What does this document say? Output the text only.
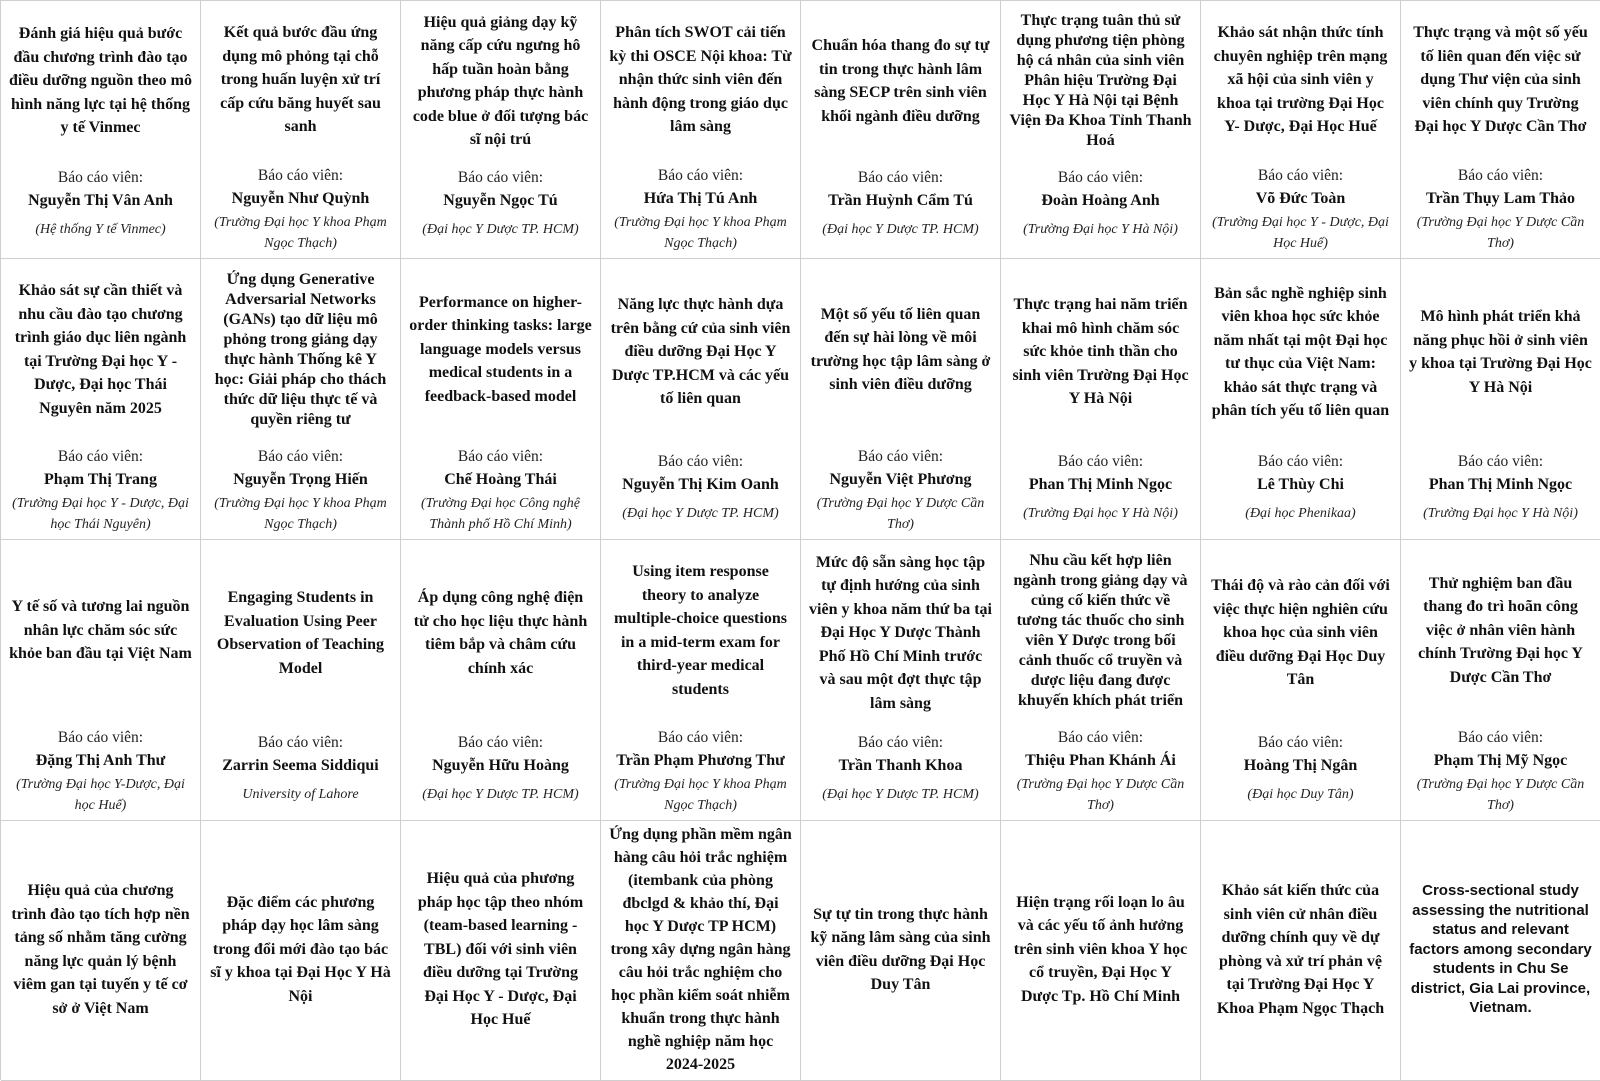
Đánh giá hiệu quả bước đầu chương trình đào tạo điều dưỡng nguồn theo mô hình năng lực tại hệ thống y tế Vinmec
Báo cáo viên:
Nguyễn Thị Vân Anh
(Hệ thống Y tế Vinmec)
Kết quả bước đầu ứng dụng mô phỏng tại chỗ trong huấn luyện xử trí cấp cứu băng huyết sau sanh
Báo cáo viên:
Nguyễn Như Quỳnh
(Trường Đại học Y khoa Phạm Ngọc Thạch)
Hiệu quả giảng dạy kỹ năng cấp cứu ngưng hô hấp tuần hoàn bằng phương pháp thực hành code blue ở đối tượng bác sĩ nội trú
Báo cáo viên:
Nguyễn Ngọc Tú
(Đại học Y Dược TP. HCM)
Phân tích SWOT cải tiến kỳ thi OSCE Nội khoa: Từ nhận thức sinh viên đến hành động trong giáo dục lâm sàng
Báo cáo viên:
Hứa Thị Tú Anh
(Trường Đại học Y khoa Phạm Ngọc Thạch)
Chuẩn hóa thang đo sự tự tin trong thực hành lâm sàng SECP trên sinh viên khối ngành điều dưỡng
Báo cáo viên:
Trần Huỳnh Cẩm Tú
(Đại học Y Dược TP. HCM)
Thực trạng tuân thủ sử dụng phương tiện phòng hộ cá nhân của sinh viên Phân hiệu Trường Đại Học Y Hà Nội tại Bệnh Viện Đa Khoa Tỉnh Thanh Hoá
Báo cáo viên:
Đoàn Hoàng Anh
(Trường Đại học Y Hà Nội)
Khảo sát nhận thức tính chuyên nghiệp trên mạng xã hội của sinh viên y khoa tại trường Đại Học Y- Dược, Đại Học Huế
Báo cáo viên:
Võ Đức Toàn
(Trường Đại học Y - Dược, Đại Học Huế)
Thực trạng và một số yếu tố liên quan đến việc sử dụng Thư viện của sinh viên chính quy Trường Đại học Y Dược Cần Thơ
Báo cáo viên:
Trần Thụy Lam Thảo
(Trường Đại học Y Dược Cần Thơ)
Khảo sát sự cần thiết và nhu cầu đào tạo chương trình giáo dục liên ngành tại Trường Đại học Y - Dược, Đại học Thái Nguyên năm 2025
Báo cáo viên:
Phạm Thị Trang
(Trường Đại học Y - Dược, Đại học Thái Nguyên)
Ứng dụng Generative Adversarial Networks (GANs) tạo dữ liệu mô phỏng trong giảng dạy thực hành Thống kê Y học: Giải pháp cho thách thức dữ liệu thực tế và quyền riêng tư
Báo cáo viên:
Nguyễn Trọng Hiến
(Trường Đại học Y khoa Phạm Ngọc Thạch)
Performance on higher-order thinking tasks: large language models versus medical students in a feedback-based model
Báo cáo viên:
Chế Hoàng Thái
(Trường Đại học Công nghệ Thành phố Hồ Chí Minh)
Năng lực thực hành dựa trên bằng cứ của sinh viên điều dưỡng Đại Học Y Dược TP.HCM và các yếu tố liên quan
Báo cáo viên:
Nguyễn Thị Kim Oanh
(Đại học Y Dược TP. HCM)
Một số yếu tố liên quan đến sự hài lòng về môi trường học tập lâm sàng ở sinh viên điều dưỡng
Báo cáo viên:
Nguyễn Việt Phương
(Trường Đại học Y Dược Cần Thơ)
Thực trạng hai năm triển khai mô hình chăm sóc sức khỏe tinh thần cho sinh viên Trường Đại Học Y Hà Nội
Báo cáo viên:
Phan Thị Minh Ngọc
(Trường Đại học Y Hà Nội)
Bản sắc nghề nghiệp sinh viên khoa học sức khỏe năm nhất tại một Đại học tư thục của Việt Nam: khảo sát thực trạng và phân tích yếu tố liên quan
Báo cáo viên:
Lê Thùy Chi
(Đại học Phenikaa)
Mô hình phát triển khả năng phục hồi ở sinh viên y khoa tại Trường Đại Học Y Hà Nội
Báo cáo viên:
Phan Thị Minh Ngọc
(Trường Đại học Y Hà Nội)
Y tế số và tương lai nguồn nhân lực chăm sóc sức khỏe ban đầu tại Việt Nam
Báo cáo viên:
Đặng Thị Anh Thư
(Trường Đại học Y-Dược, Đại học Huế)
Engaging Students in Evaluation Using Peer Observation of Teaching Model
Báo cáo viên:
Zarrin Seema Siddiqui
University of Lahore
Áp dụng công nghệ điện tử cho học liệu thực hành tiêm bắp và châm cứu chính xác
Báo cáo viên:
Nguyễn Hữu Hoàng
(Đại học Y Dược TP. HCM)
Using item response theory to analyze multiple-choice questions in a mid-term exam for third-year medical students
Báo cáo viên:
Trần Phạm Phương Thư
(Trường Đại học Y khoa Phạm Ngọc Thạch)
Mức độ sẵn sàng học tập tự định hướng của sinh viên y khoa năm thứ ba tại Đại Học Y Dược Thành Phố Hồ Chí Minh trước và sau một đợt thực tập lâm sàng
Báo cáo viên:
Trần Thanh Khoa
(Đại học Y Dược TP. HCM)
Nhu cầu kết hợp liên ngành trong giảng dạy và củng cố kiến thức về tương tác thuốc cho sinh viên Y Dược trong bối cảnh thuốc cổ truyền và dược liệu đang được khuyến khích phát triển
Báo cáo viên:
Thiệu Phan Khánh Ái
(Trường Đại học Y Dược Cần Thơ)
Thái độ và rào cản đối với việc thực hiện nghiên cứu khoa học của sinh viên điều dưỡng Đại Học Duy Tân
Báo cáo viên:
Hoàng Thị Ngân
(Đại học Duy Tân)
Thử nghiệm ban đầu thang đo trì hoãn công việc ở nhân viên hành chính Trường Đại học Y Dược Cần Thơ
Báo cáo viên:
Phạm Thị Mỹ Ngọc
(Trường Đại học Y Dược Cần Thơ)
Hiệu quả của chương trình đào tạo tích hợp nền tảng số nhằm tăng cường năng lực quản lý bệnh viêm gan tại tuyến y tế cơ sở ở Việt Nam
Đặc điểm các phương pháp dạy học lâm sàng trong đổi mới đào tạo bác sĩ y khoa tại Đại Học Y Hà Nội
Hiệu quả của phương pháp học tập theo nhóm (team-based learning - TBL) đối với sinh viên điều dưỡng tại Trường Đại Học Y - Dược, Đại Học Huế
Ứng dụng phần mềm ngân hàng câu hỏi trắc nghiệm (itembank của phòng đbclgd & khảo thí, Đại học Y Dược TP HCM) trong xây dựng ngân hàng câu hỏi trắc nghiệm cho học phần kiểm soát nhiễm khuẩn trong thực hành nghề nghiệp năm học 2024-2025
Sự tự tin trong thực hành kỹ năng lâm sàng của sinh viên điều dưỡng Đại Học Duy Tân
Hiện trạng rối loạn lo âu và các yếu tố ảnh hưởng trên sinh viên khoa Y học cổ truyền, Đại Học Y Dược Tp. Hồ Chí Minh
Khảo sát kiến thức của sinh viên cử nhân điều dưỡng chính quy về dự phòng và xử trí phản vệ tại Trường Đại Học Y Khoa Phạm Ngọc Thạch
Cross-sectional study assessing the nutritional status and relevant factors among secondary students in Chu Se district, Gia Lai province, Vietnam.
